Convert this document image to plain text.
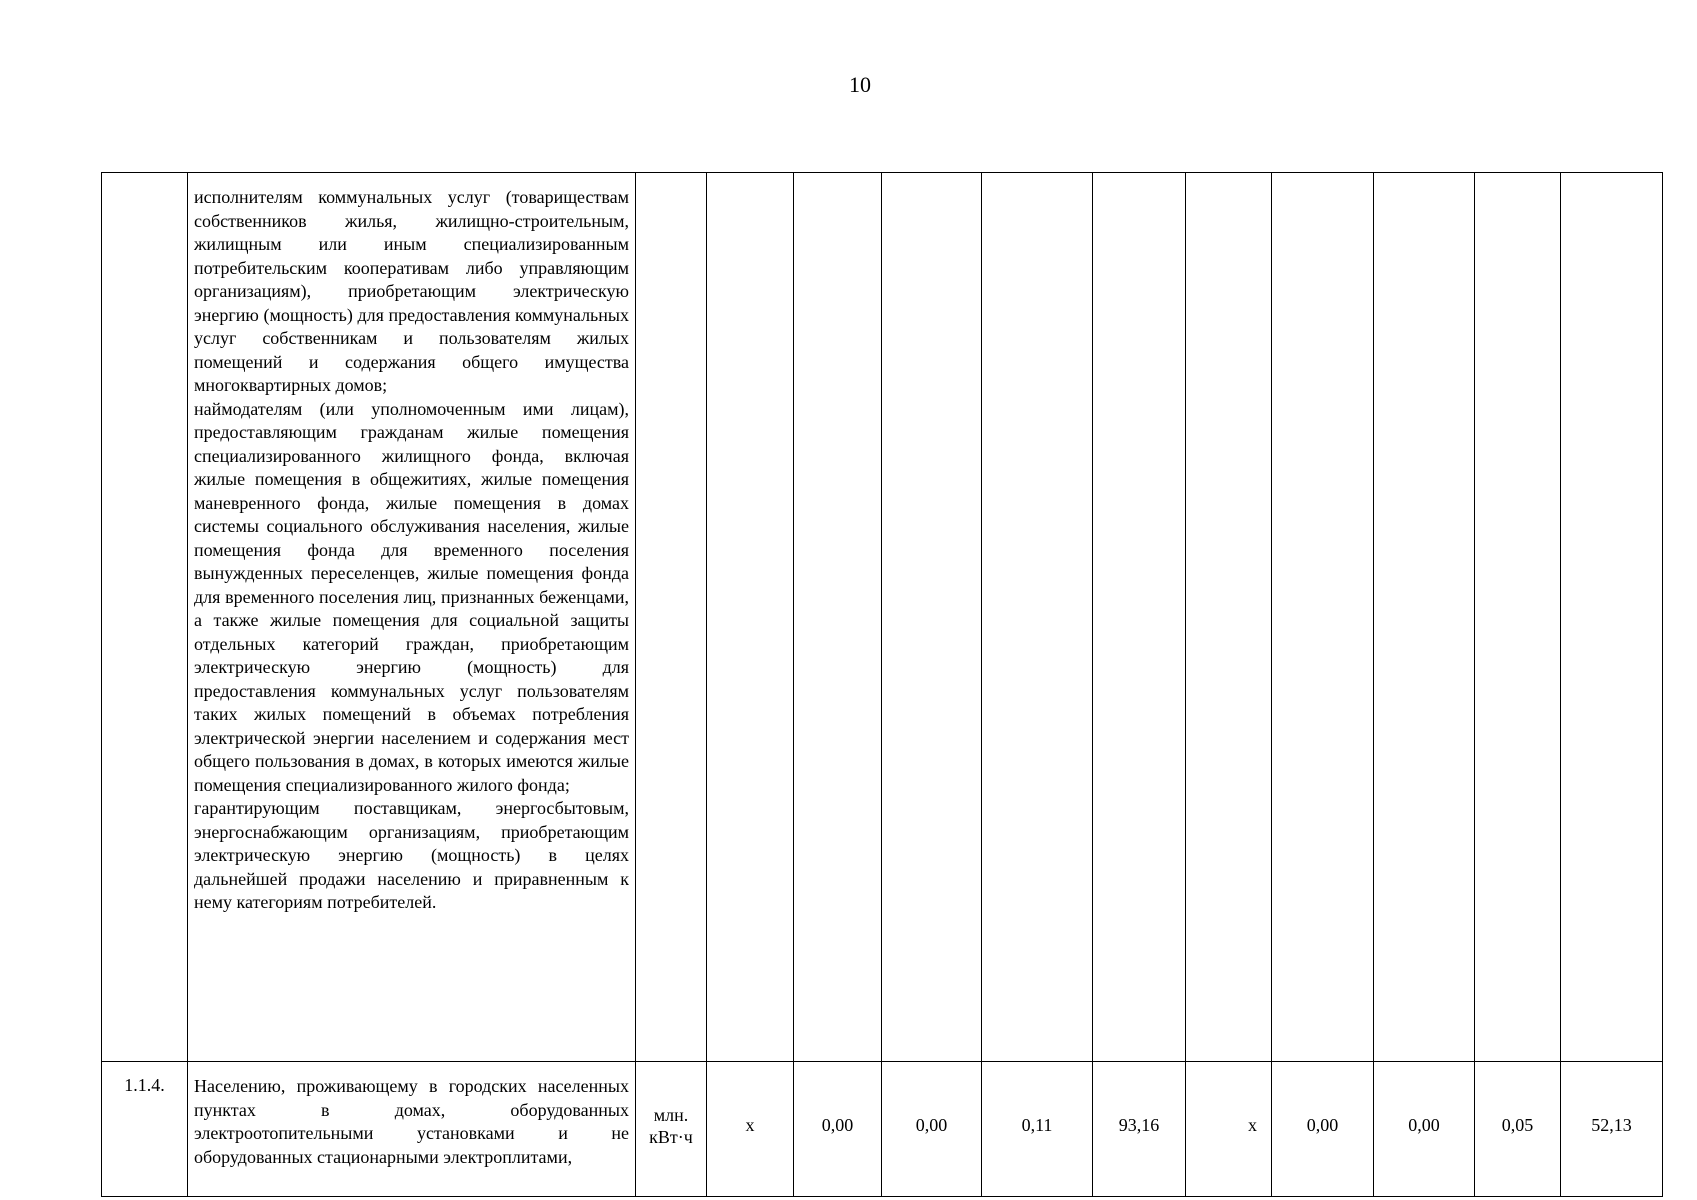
10

	исполнителям коммунальных услуг (товариществам собственников жилья, жилищно-строительным, жилищным или иным специализированным потребительским кооперативам либо управляющим организациям), приобретающим электрическую энергию (мощность) для предоставления коммунальных услуг собственникам и пользователям жилых помещений и содержания общего имущества многоквартирных домов;
наймодателям (или уполномоченным ими лицам), предоставляющим гражданам жилые помещения специализированного жилищного фонда, включая жилые помещения в общежитиях, жилые помещения маневренного фонда, жилые помещения в домах системы социального обслуживания населения, жилые помещения фонда для временного поселения вынужденных переселенцев, жилые помещения фонда для временного поселения лиц, признанных беженцами, а также жилые помещения для социальной защиты отдельных категорий граждан, приобретающим электрическую энергию (мощность) для предоставления коммунальных услуг пользователям таких жилых помещений в объемах потребления электрической энергии населением и содержания мест общего пользования в домах, в которых имеются жилые помещения специализированного жилого фонда;
гарантирующим поставщикам, энергосбытовым, энергоснабжающим организациям, приобретающим электрическую энергию (мощность) в целях дальнейшей продажи населению и приравненным к нему категориям потребителей.											

1.1.4.	Населению, проживающему в городских населенных пунктах в домах, оборудованных электроотопительными установками и не оборудованных стационарными электроплитами,	млн. кВт·ч	х	0,00	0,00	0,11	93,16	х	0,00	0,00	0,05	52,13
